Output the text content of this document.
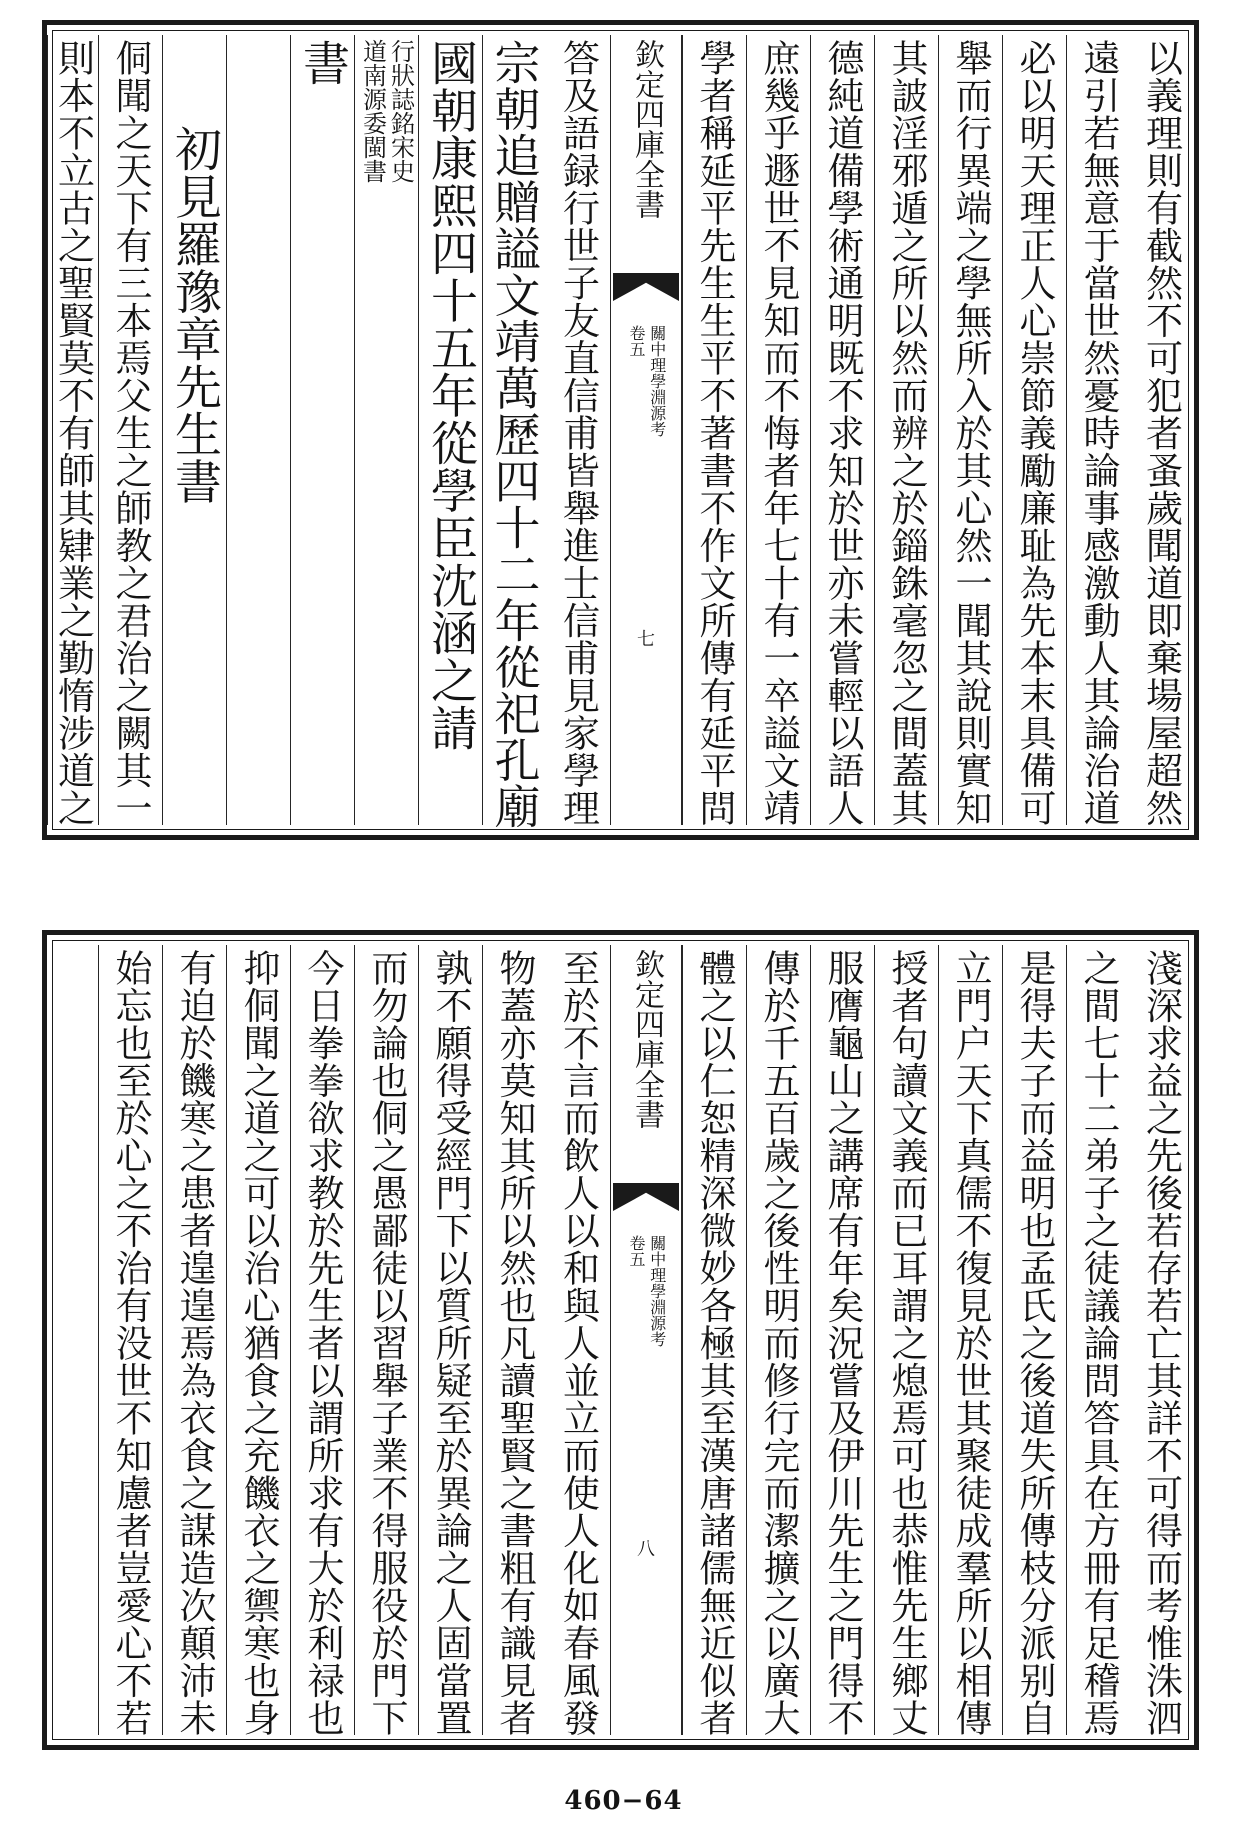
以義理則有截然不可犯者蚤歲聞道即棄場屋超然
遠引若無意于當世然憂時論事感激動人其論治道
必以明天理正人心崇節義勵廉耻為先本末具備可
舉而行異端之學無所入於其心然一聞其說則實知
其詖淫邪遁之所以然而辨之於錙銖毫忽之間蓋其
德純道備學術通明既不求知於世亦未嘗輕以語人
庶幾乎遯世不見知而不悔者年七十有一卒謚文靖
學者稱延平先生生平不著書不作文所傳有延平問
欽定四庫全書
關中理學淵源考
卷五
七
答及語録行世子友直信甫皆舉進士信甫見家學理
宗朝追贈謚文靖萬歷四十二年從祀孔廟
國朝康熙四十五年從學臣沈涵之請
行狀誌銘宋史
道南源委閩書
書
初見羅豫章先生書
侗聞之天下有三本焉父生之師教之君治之闕其一
則本不立古之聖賢莫不有師其肄業之勤惰涉道之
淺深求益之先後若存若亡其詳不可得而考惟洙泗
之間七十二弟子之徒議論問答具在方冊有足稽焉
是得夫子而益明也孟氏之後道失所傳枝分派别自
立門户天下真儒不復見於世其聚徒成羣所以相傳
授者句讀文義而已耳謂之熄焉可也恭惟先生鄉丈
服膺龜山之講席有年矣況嘗及伊川先生之門得不
傳於千五百歲之後性明而修行完而潔擴之以廣大
體之以仁恕精深微妙各極其至漢唐諸儒無近似者
欽定四庫全書
關中理學淵源考
卷五
八
至於不言而飲人以和與人並立而使人化如春風發
物蓋亦莫知其所以然也凡讀聖賢之書粗有識見者
孰不願得受經門下以質所疑至於異論之人固當置
而勿論也侗之愚鄙徒以習舉子業不得服役於門下
今日拳拳欲求教於先生者以謂所求有大於利禄也
抑侗聞之道之可以治心猶食之充饑衣之禦寒也身
有迫於饑寒之患者遑遑焉為衣食之謀造次顛沛未
始忘也至於心之不治有没世不知慮者豈愛心不若
460−64
